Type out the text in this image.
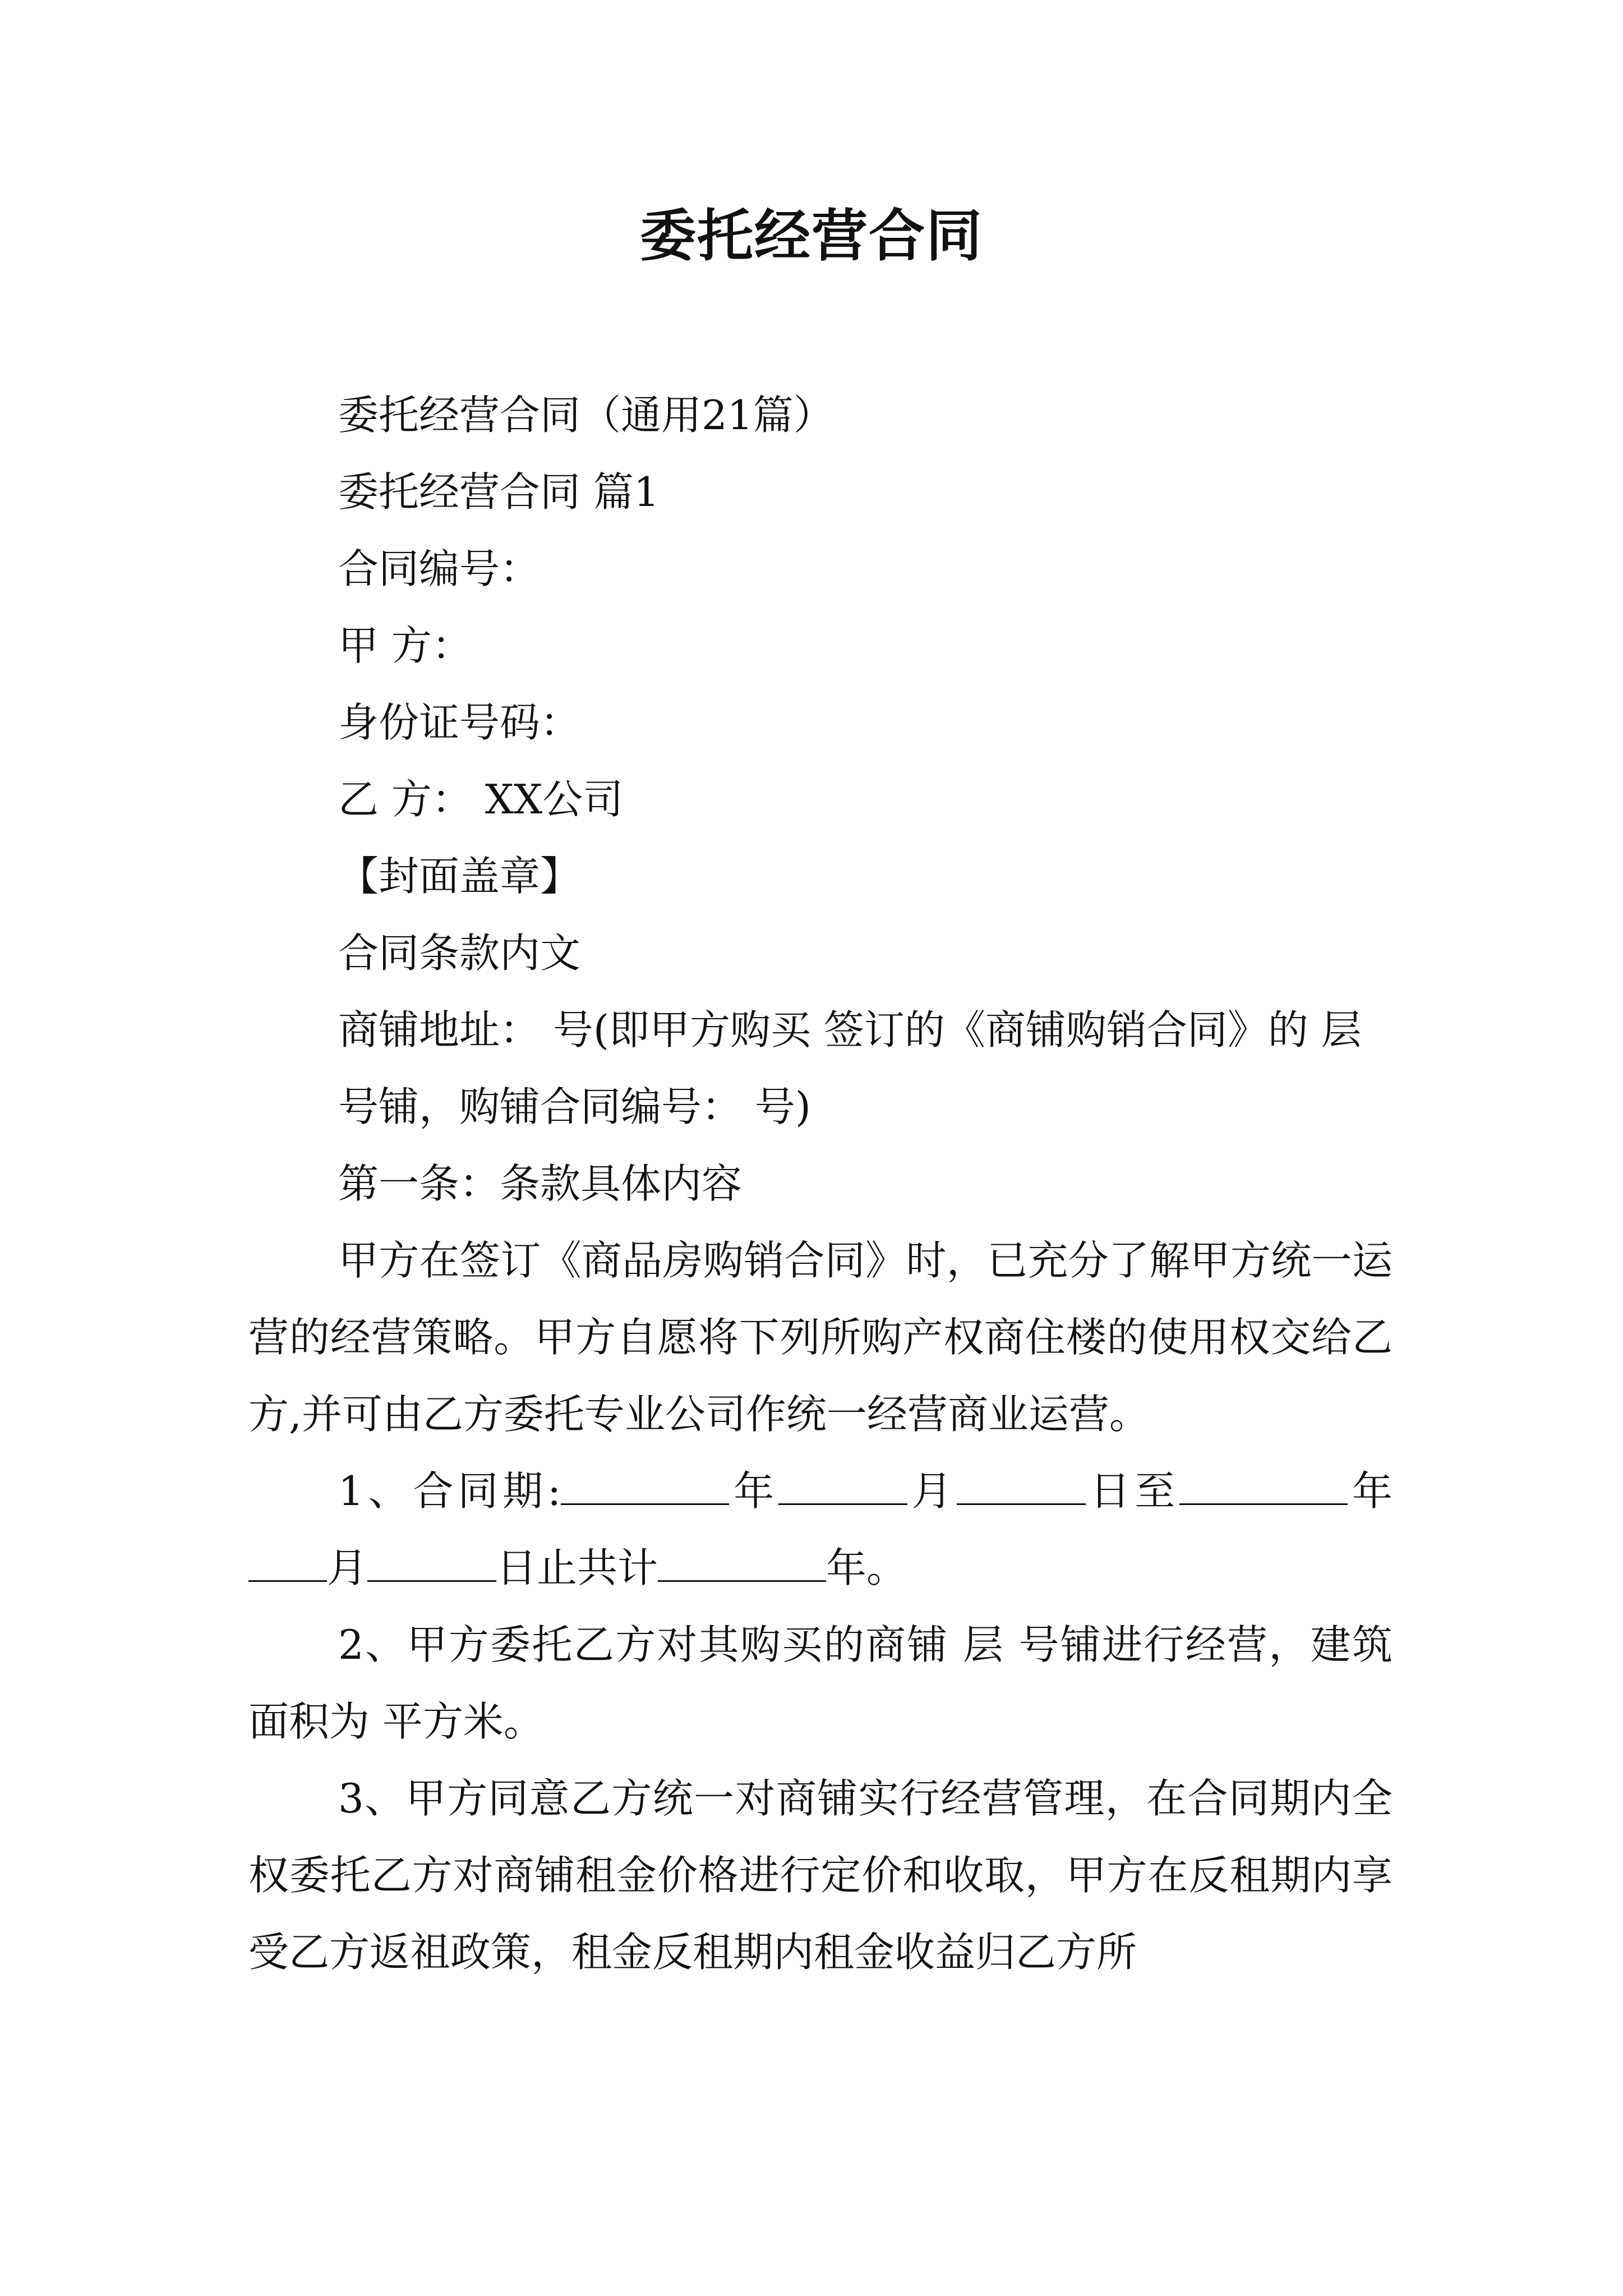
委托经营合同

委托经营合同（通用21篇）

委托经营合同 篇1

合同编号：

甲 方：

身份证号码：

乙 方： XX公司

【封面盖章】

合同条款内文

商铺地址： 号(即甲方购买 签订的《商铺购销合同》的 层

号铺，购铺合同编号： 号)

第一条：条款具体内容

甲方在签订《商品房购销合同》时，已充分了解甲方统一运营的经营策略。甲方自愿将下列所购产权商住楼的使用权交给乙方,并可由乙方委托专业公司作统一经营商业运营。

1、合同期:	年	月	日至	年月	日止共计	年。

2、甲方委托乙方对其购买的商铺 层 号铺进行经营，建筑面积为 平方米。

3、甲方同意乙方统一对商铺实行经营管理，在合同期内全权委托乙方对商铺租金价格进行定价和收取，甲方在反租期内享受乙方返祖政策，租金反租期内租金收益归乙方所
